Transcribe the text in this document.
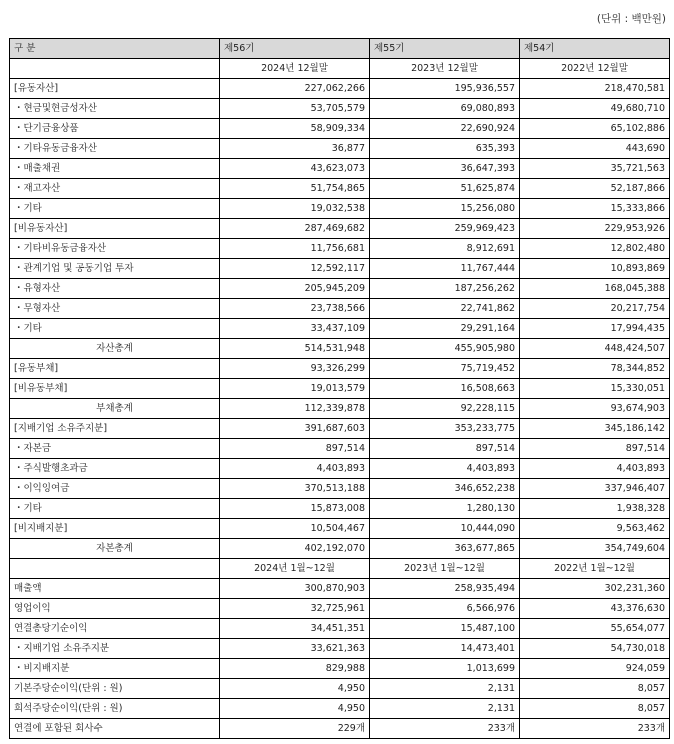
(단위 : 백만원)
구 분	제56기	제55기	제54기
	2024년 12월말	2023년 12월말	2022년 12월말
[유동자산]	227,062,266	195,936,557	218,470,581
・현금및현금성자산	53,705,579	69,080,893	49,680,710
・단기금융상품	58,909,334	22,690,924	65,102,886
・기타유동금융자산	36,877	635,393	443,690
・매출채권	43,623,073	36,647,393	35,721,563
・재고자산	51,754,865	51,625,874	52,187,866
・기타	19,032,538	15,256,080	15,333,866
[비유동자산]	287,469,682	259,969,423	229,953,926
・기타비유동금융자산	11,756,681	8,912,691	12,802,480
・관계기업 및 공동기업 투자	12,592,117	11,767,444	10,893,869
・유형자산	205,945,209	187,256,262	168,045,388
・무형자산	23,738,566	22,741,862	20,217,754
・기타	33,437,109	29,291,164	17,994,435
자산총계	514,531,948	455,905,980	448,424,507
[유동부채]	93,326,299	75,719,452	78,344,852
[비유동부채]	19,013,579	16,508,663	15,330,051
부채총계	112,339,878	92,228,115	93,674,903
[지배기업 소유주지분]	391,687,603	353,233,775	345,186,142
・자본금	897,514	897,514	897,514
・주식발행초과금	4,403,893	4,403,893	4,403,893
・이익잉여금	370,513,188	346,652,238	337,946,407
・기타	15,873,008	1,280,130	1,938,328
[비지배지분]	10,504,467	10,444,090	9,563,462
자본총계	402,192,070	363,677,865	354,749,604
	2024년 1월~12월	2023년 1월~12월	2022년 1월~12월
매출액	300,870,903	258,935,494	302,231,360
영업이익	32,725,961	6,566,976	43,376,630
연결총당기순이익	34,451,351	15,487,100	55,654,077
・지배기업 소유주지분	33,621,363	14,473,401	54,730,018
・비지배지분	829,988	1,013,699	924,059
기본주당순이익(단위 : 원)	4,950	2,131	8,057
희석주당순이익(단위 : 원)	4,950	2,131	8,057
연결에 포함된 회사수	229개	233개	233개
